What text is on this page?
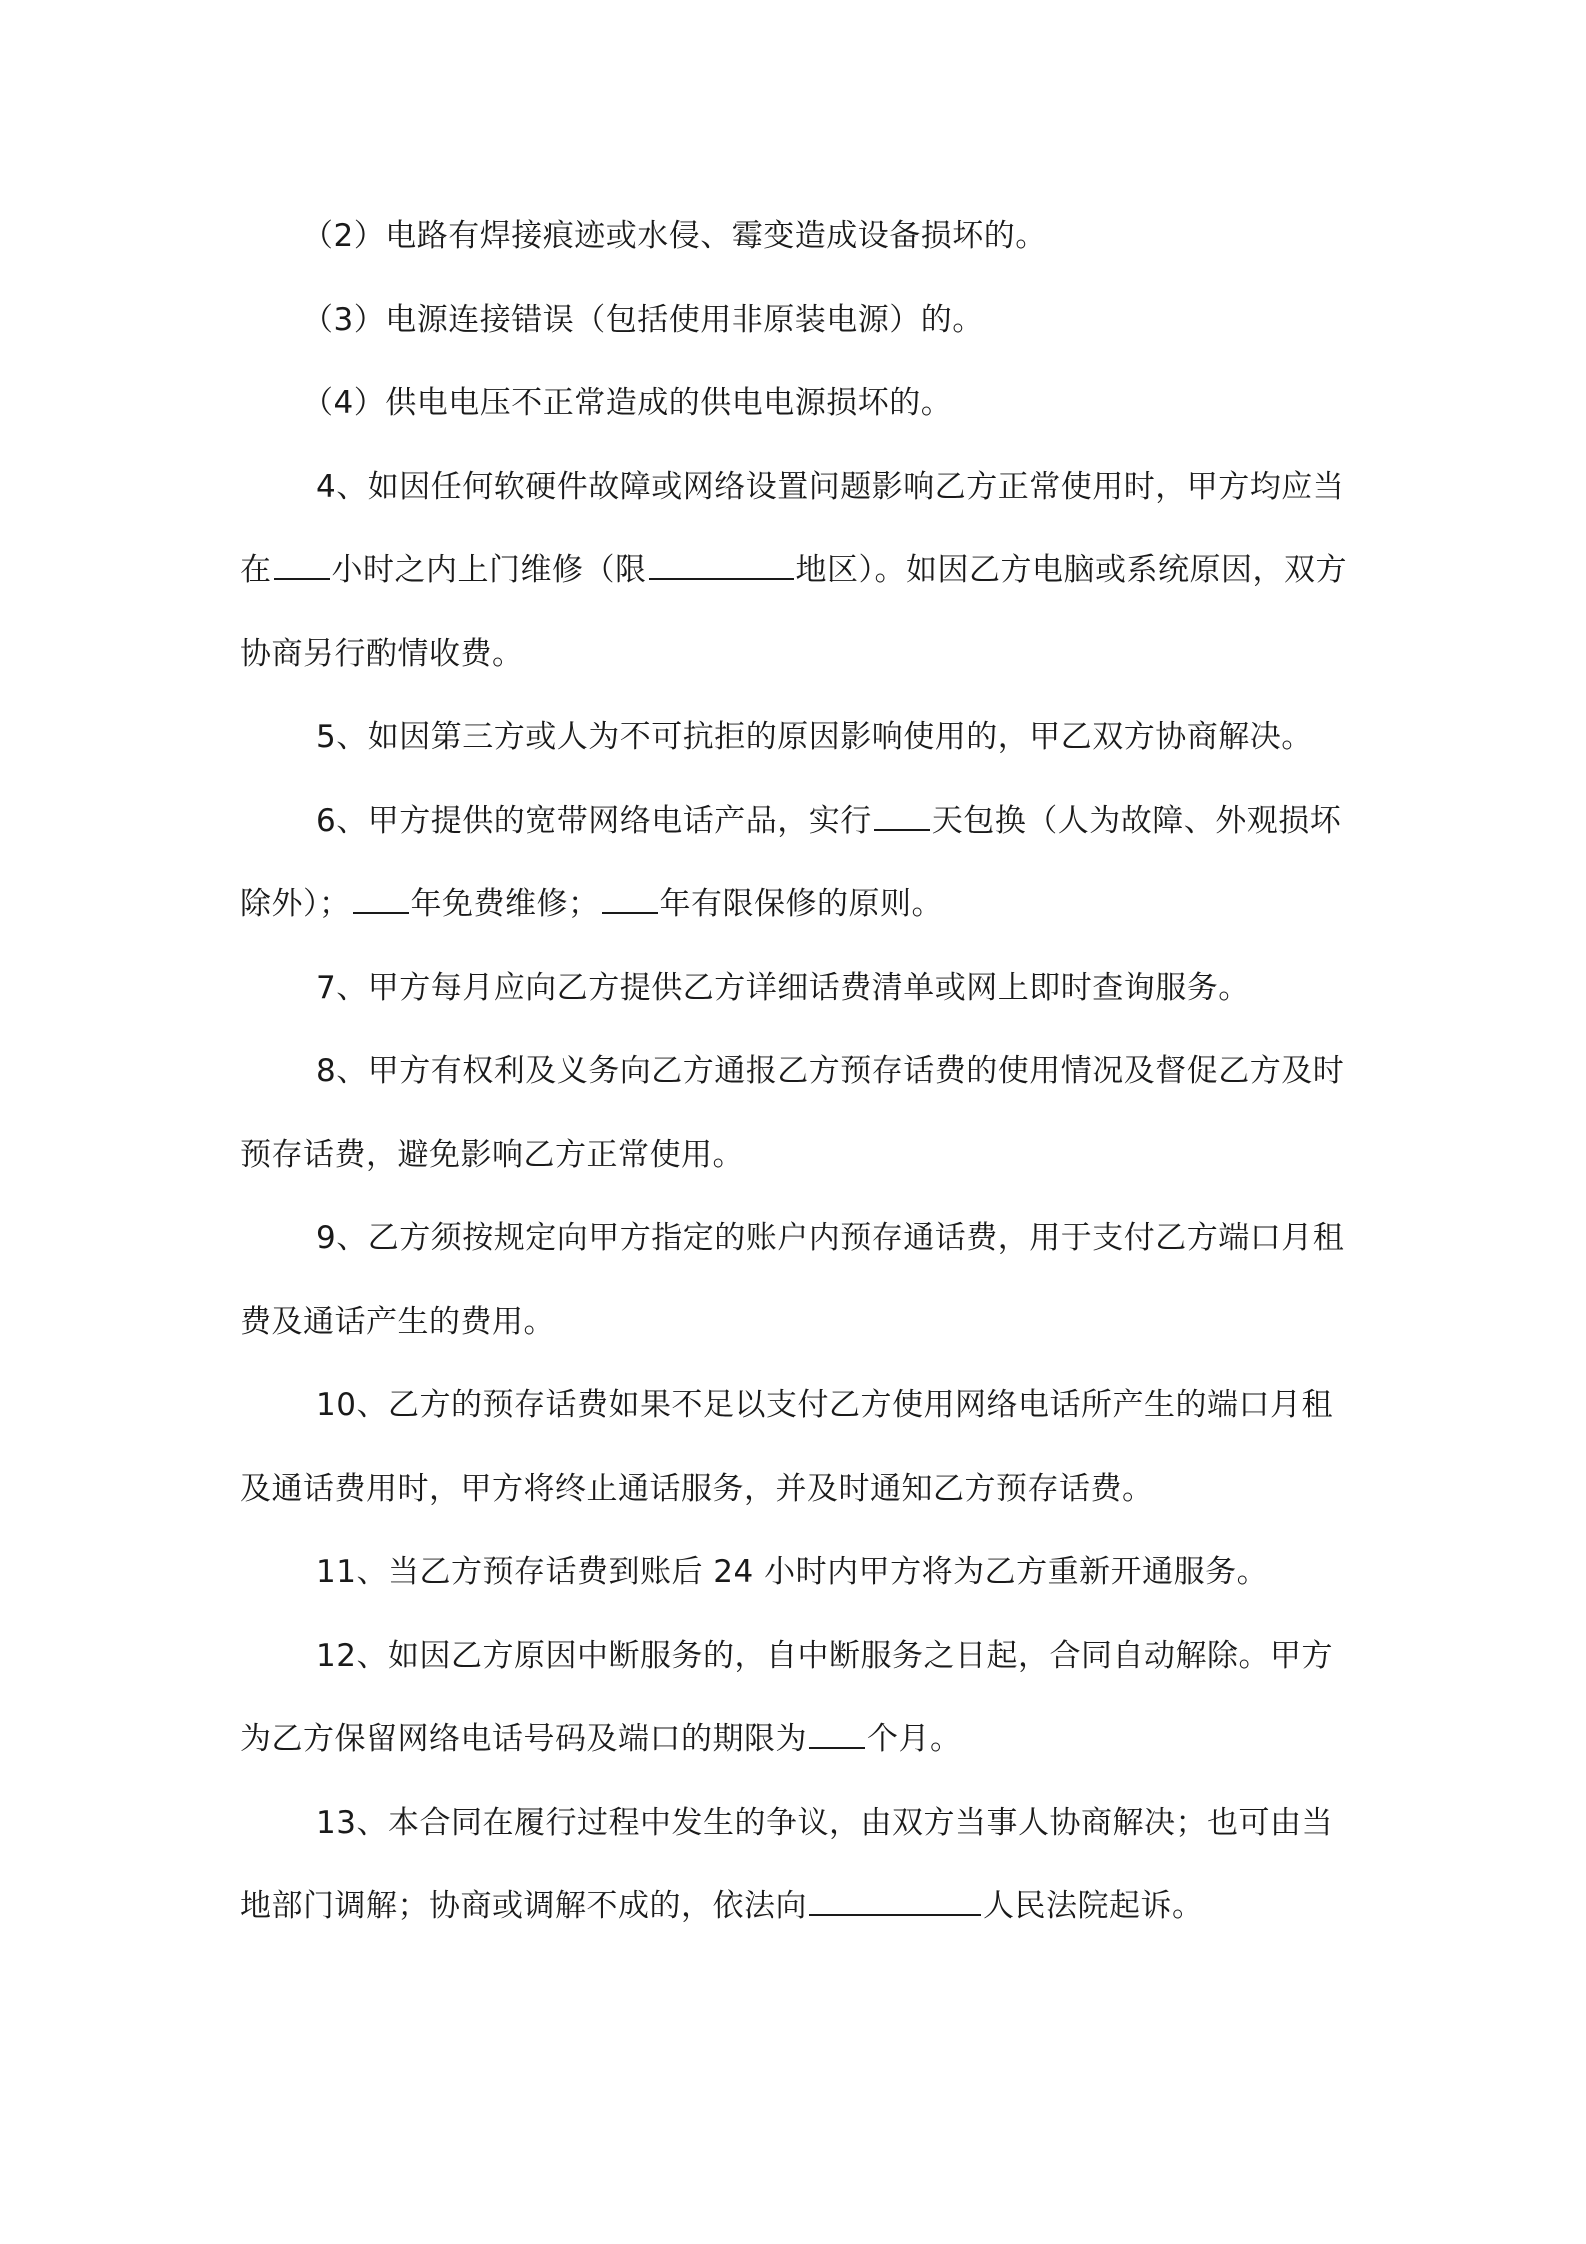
（2）电路有焊接痕迹或水侵、霉变造成设备损坏的。

（3）电源连接错误（包括使用非原装电源）的。

（4）供电电压不正常造成的供电电源损坏的。

4、如因任何软硬件故障或网络设置问题影响乙方正常使用时，甲方均应当在 小时之内上门维修（限	地区）。如因乙方电脑或系统原因，双方协商另行酌情收费。

5、如因第三方或人为不可抗拒的原因影响使用的，甲乙双方协商解决。

6、甲方提供的宽带网络电话产品，实行 天包换（人为故障、外观损坏除外）； 年免费维修； 年有限保修的原则。

7、甲方每月应向乙方提供乙方详细话费清单或网上即时查询服务。

8、甲方有权利及义务向乙方通报乙方预存话费的使用情况及督促乙方及时预存话费，避免影响乙方正常使用。

9、乙方须按规定向甲方指定的账户内预存通话费，用于支付乙方端口月租费及通话产生的费用。

10、乙方的预存话费如果不足以支付乙方使用网络电话所产生的端口月租及通话费用时，甲方将终止通话服务，并及时通知乙方预存话费。

11、当乙方预存话费到账后 24 小时内甲方将为乙方重新开通服务。

12、如因乙方原因中断服务的，自中断服务之日起，合同自动解除。甲方为乙方保留网络电话号码及端口的期限为 个月。

13、本合同在履行过程中发生的争议，由双方当事人协商解决；也可由当地部门调解；协商或调解不成的，依法向	人民法院起诉。
